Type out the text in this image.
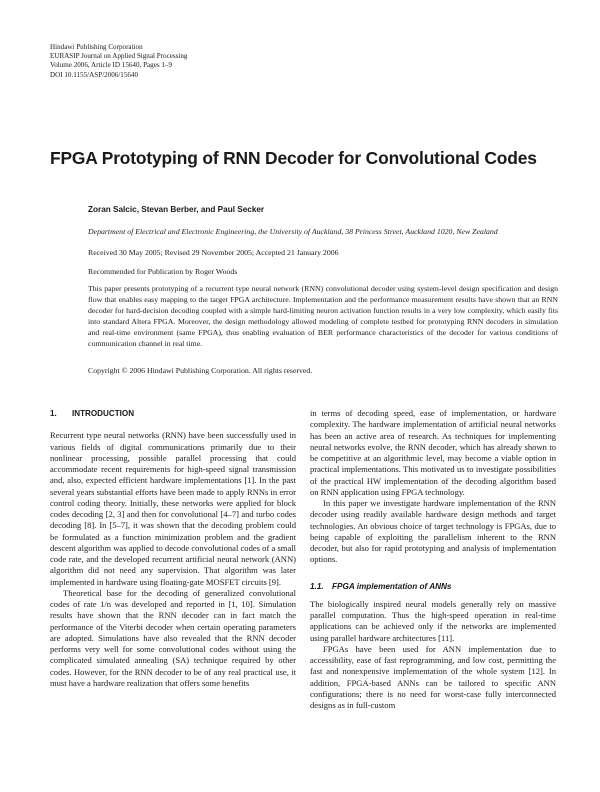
Hindawi Publishing Corporation
EURASIP Journal on Applied Signal Processing
Volume 2006, Article ID 15640, Pages 1–9
DOI 10.1155/ASP/2006/15640
FPGA Prototyping of RNN Decoder for Convolutional Codes
Zoran Salcic, Stevan Berber, and Paul Secker
Department of Electrical and Electronic Engineering, the University of Auckland, 38 Princess Street, Auckland 1020, New Zealand
Received 30 May 2005; Revised 29 November 2005; Accepted 21 January 2006
Recommended for Publication by Roger Woods
This paper presents prototyping of a recurrent type neural network (RNN) convolutional decoder using system-level design specification and design flow that enables easy mapping to the target FPGA architecture. Implementation and the performance measurement results have shown that an RNN decoder for hard-decision decoding coupled with a simple hard-limiting neuron activation function results in a very low complexity, which easily fits into standard Altera FPGA. Moreover, the design methodology allowed modeling of complete testbed for prototyping RNN decoders in simulation and real-time environment (same FPGA), thus enabling evaluation of BER performance characteristics of the decoder for various conditions of communication channel in real time.
Copyright © 2006 Hindawi Publishing Corporation. All rights reserved.

1. INTRODUCTION

Recurrent type neural networks (RNN) have been successfully used in various fields of digital communications primarily due to their nonlinear processing, possible parallel processing that could accommodate recent requirements for high-speed signal transmission and, also, expected efficient hardware implementations [1]. In the past several years substantial efforts have been made to apply RNNs in error control coding theory. Initially, these networks were applied for block codes decoding [2, 3] and then for convolutional [4–7] and turbo codes decoding [8]. In [5–7], it was shown that the decoding problem could be formulated as a function minimization problem and the gradient descent algorithm was applied to decode convolutional codes of a small code rate, and the developed recurrent artificial neural network (ANN) algorithm did not need any supervision. That algorithm was later implemented in hardware using floating-gate MOSFET circuits [9].

Theoretical base for the decoding of generalized convolutional codes of rate 1/n was developed and reported in [1, 10]. Simulation results have shown that the RNN decoder can in fact match the performance of the Viterbi decoder when certain operating parameters are adopted. Simulations have also revealed that the RNN decoder performs very well for some convolutional codes without using the complicated simulated annealing (SA) technique required by other codes. However, for the RNN decoder to be of any real practical use, it must have a hardware realization that offers some benefits

in terms of decoding speed, ease of implementation, or hardware complexity. The hardware implementation of artificial neural networks has been an active area of research. As techniques for implementing neural networks evolve, the RNN decoder, which has already shown to be competitive at an algorithmic level, may become a viable option in practical implementations. This motivated us to investigate possibilities of the practical HW implementation of the decoding algorithm based on RNN application using FPGA technology.

In this paper we investigate hardware implementation of the RNN decoder using readily available hardware design methods and target technologies. An obvious choice of target technology is FPGAs, due to being capable of exploiting the parallelism inherent to the RNN decoder, but also for rapid prototyping and analysis of implementation options.

1.1. FPGA implementation of ANNs

The biologically inspired neural models generally rely on massive parallel computation. Thus the high-speed operation in real-time applications can be achieved only if the networks are implemented using parallel hardware architectures [11].

FPGAs have been used for ANN implementation due to accessibility, ease of fast reprogramming, and low cost, permitting the fast and nonexpensive implementation of the whole system [12]. In addition, FPGA-based ANNs can be tailored to specific ANN configurations; there is no need for worst-case fully interconnected designs as in full-custom
